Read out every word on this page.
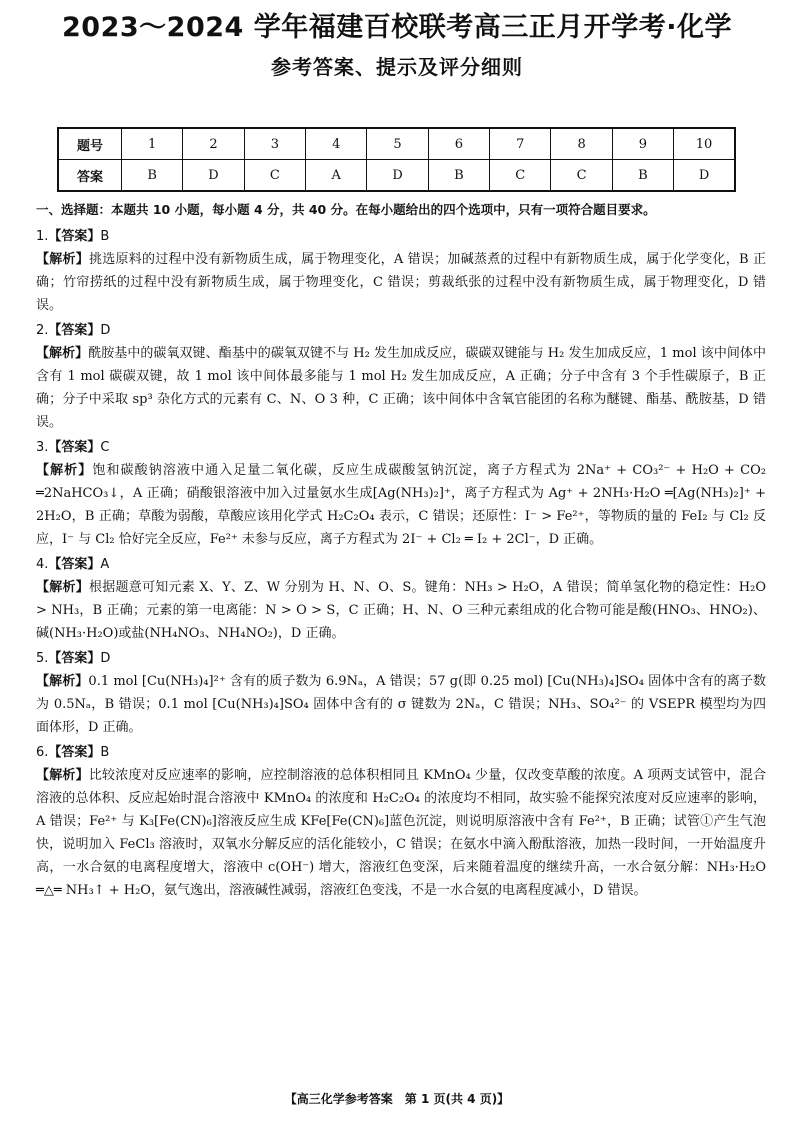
2023～2024 学年福建百校联考高三正月开学考·化学
参考答案、提示及评分细则
题号	1	2	3	4	5	6	7	8	9	10
答案	B	D	C	A	D	B	C	C	B	D

一、选择题：本题共 10 小题，每小题 4 分，共 40 分。在每小题给出的四个选项中，只有一项符合题目要求。

1.【答案】B

【解析】挑选原料的过程中没有新物质生成，属于物理变化，A 错误；加碱蒸煮的过程中有新物质生成，属于化学变化，B 正确；竹帘捞纸的过程中没有新物质生成，属于物理变化，C 错误；剪裁纸张的过程中没有新物质生成，属于物理变化，D 错误。

2.【答案】D

【解析】酰胺基中的碳氧双键、酯基中的碳氧双键不与 H₂ 发生加成反应，碳碳双键能与 H₂ 发生加成反应，1 mol 该中间体中含有 1 mol 碳碳双键，故 1 mol 该中间体最多能与 1 mol H₂ 发生加成反应，A 正确；分子中含有 3 个手性碳原子，B 正确；分子中采取 sp³ 杂化方式的元素有 C、N、O 3 种，C 正确；该中间体中含氧官能团的名称为醚键、酯基、酰胺基，D 错误。

3.【答案】C

【解析】饱和碳酸钠溶液中通入足量二氧化碳，反应生成碳酸氢钠沉淀，离子方程式为 2Na⁺ + CO₃²⁻ + H₂O + CO₂ ═2NaHCO₃↓，A 正确；硝酸银溶液中加入过量氨水生成[Ag(NH₃)₂]⁺，离子方程式为 Ag⁺ + 2NH₃·H₂O ═[Ag(NH₃)₂]⁺ + 2H₂O，B 正确；草酸为弱酸，草酸应该用化学式 H₂C₂O₄ 表示，C 错误；还原性：I⁻ > Fe²⁺，等物质的量的 FeI₂ 与 Cl₂ 反应，I⁻ 与 Cl₂ 恰好完全反应，Fe²⁺ 未参与反应，离子方程式为 2I⁻ + Cl₂ ═ I₂ + 2Cl⁻，D 正确。

4.【答案】A

【解析】根据题意可知元素 X、Y、Z、W 分别为 H、N、O、S。键角：NH₃ > H₂O，A 错误；简单氢化物的稳定性：H₂O > NH₃，B 正确；元素的第一电离能：N > O > S，C 正确；H、N、O 三种元素组成的化合物可能是酸(HNO₃、HNO₂)、碱(NH₃·H₂O)或盐(NH₄NO₃、NH₄NO₂)，D 正确。

5.【答案】D

【解析】0.1 mol [Cu(NH₃)₄]²⁺ 含有的质子数为 6.9Nₐ，A 错误；57 g(即 0.25 mol) [Cu(NH₃)₄]SO₄ 固体中含有的离子数为 0.5Nₐ，B 错误；0.1 mol [Cu(NH₃)₄]SO₄ 固体中含有的 σ 键数为 2Nₐ，C 错误；NH₃、SO₄²⁻ 的 VSEPR 模型均为四面体形，D 正确。

6.【答案】B

【解析】比较浓度对反应速率的影响，应控制溶液的总体积相同且 KMnO₄ 少量，仅改变草酸的浓度。A 项两支试管中，混合溶液的总体积、反应起始时混合溶液中 KMnO₄ 的浓度和 H₂C₂O₄ 的浓度均不相同，故实验不能探究浓度对反应速率的影响，A 错误；Fe²⁺ 与 K₃[Fe(CN)₆]溶液反应生成 KFe[Fe(CN)₆]蓝色沉淀，则说明原溶液中含有 Fe²⁺，B 正确；试管①产生气泡快，说明加入 FeCl₃ 溶液时，双氧水分解反应的活化能较小，C 错误；在氨水中滴入酚酞溶液，加热一段时间，一开始温度升高，一水合氨的电离程度增大，溶液中 c(OH⁻) 增大，溶液红色变深，后来随着温度的继续升高，一水合氨分解：NH₃·H₂O ═△═ NH₃↑ + H₂O，氨气逸出，溶液碱性减弱，溶液红色变浅，不是一水合氨的电离程度减小，D 错误。

【高三化学参考答案　第 1 页(共 4 页)】
